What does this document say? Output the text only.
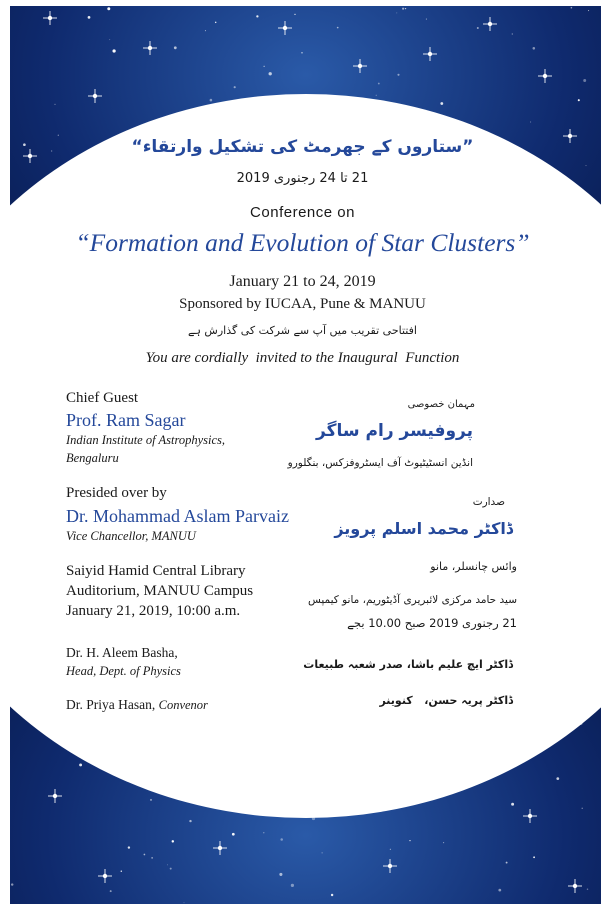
”ستاروں کے جھرمٹ کی تشکیل وارتقاء“

21 تا 24 رجنوری 2019

Conference on

“Formation and Evolution of Star Clusters”

January 21 to 24, 2019

Sponsored by IUCAA, Pune & MANUU

افتتاحی تقریب میں آپ سے شرکت کی گذارش ہے

You are cordially  invited to the Inaugural  Function

Chief Guest

Prof. Ram Sagar

Indian Institute of Astrophysics,

Bengaluru

Presided over by

Dr. Mohammad Aslam Parvaiz

Vice Chancellor, MANUU

Saiyid Hamid Central Library

Auditorium, MANUU Campus

January 21, 2019, 10:00 a.m.

Dr. H. Aleem Basha,

Head, Dept. of Physics

Dr. Priya Hasan, Convenor

مہمان خصوصی

پروفیسر رام ساگر

انڈین انسٹیٹیوٹ آف ایسٹروفزکس، بنگلورو

صدارت

ڈاکٹر محمد اسلم پرویز

وائس چانسلر، مانو

سید حامد مرکزی لائبریری آڈیٹوریم، مانو کیمپس

21 رجنوری 2019 صبح 10.00 بجے

ڈاکٹر ایچ علیم باشا، صدر شعبہ طبیعات

ڈاکٹر پریہ حسن،   کنوینر
